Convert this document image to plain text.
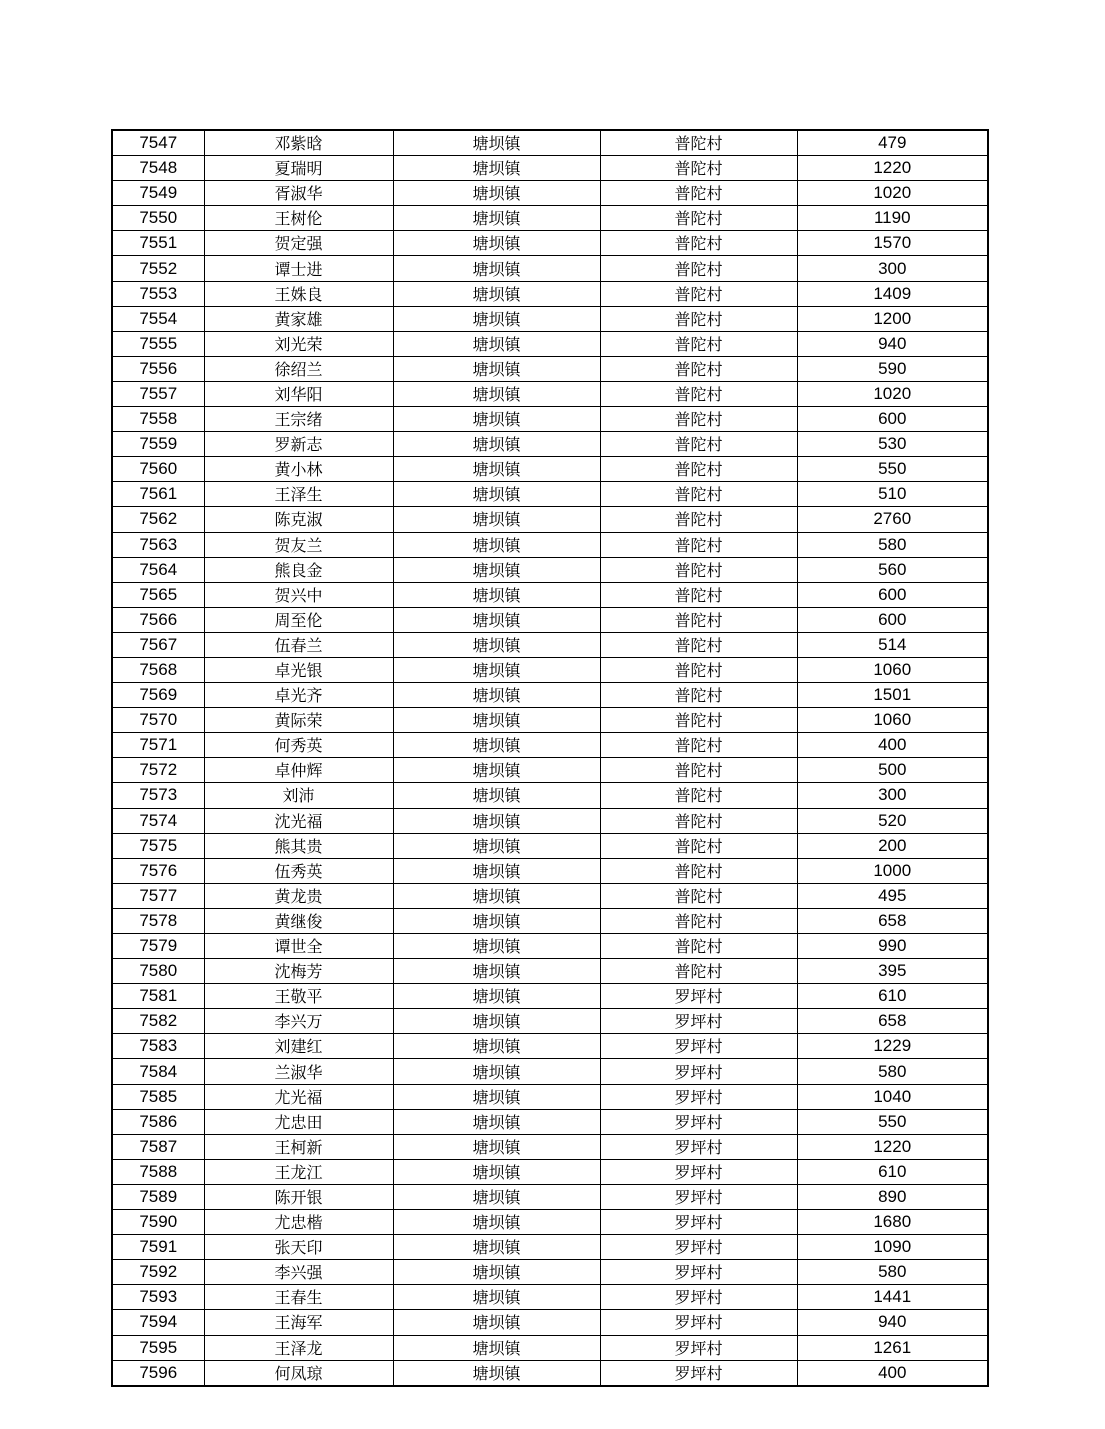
7547	邓紫晗	塘坝镇	普陀村	479
7548	夏瑞明	塘坝镇	普陀村	1220
7549	胥淑华	塘坝镇	普陀村	1020
7550	王树伦	塘坝镇	普陀村	1190
7551	贺定强	塘坝镇	普陀村	1570
7552	谭士进	塘坝镇	普陀村	300
7553	王姝良	塘坝镇	普陀村	1409
7554	黄家雄	塘坝镇	普陀村	1200
7555	刘光荣	塘坝镇	普陀村	940
7556	徐绍兰	塘坝镇	普陀村	590
7557	刘华阳	塘坝镇	普陀村	1020
7558	王宗绪	塘坝镇	普陀村	600
7559	罗新志	塘坝镇	普陀村	530
7560	黄小林	塘坝镇	普陀村	550
7561	王泽生	塘坝镇	普陀村	510
7562	陈克淑	塘坝镇	普陀村	2760
7563	贺友兰	塘坝镇	普陀村	580
7564	熊良金	塘坝镇	普陀村	560
7565	贺兴中	塘坝镇	普陀村	600
7566	周至伦	塘坝镇	普陀村	600
7567	伍春兰	塘坝镇	普陀村	514
7568	卓光银	塘坝镇	普陀村	1060
7569	卓光齐	塘坝镇	普陀村	1501
7570	黄际荣	塘坝镇	普陀村	1060
7571	何秀英	塘坝镇	普陀村	400
7572	卓仲辉	塘坝镇	普陀村	500
7573	刘沛	塘坝镇	普陀村	300
7574	沈光福	塘坝镇	普陀村	520
7575	熊其贵	塘坝镇	普陀村	200
7576	伍秀英	塘坝镇	普陀村	1000
7577	黄龙贵	塘坝镇	普陀村	495
7578	黄继俊	塘坝镇	普陀村	658
7579	谭世全	塘坝镇	普陀村	990
7580	沈梅芳	塘坝镇	普陀村	395
7581	王敬平	塘坝镇	罗坪村	610
7582	李兴万	塘坝镇	罗坪村	658
7583	刘建红	塘坝镇	罗坪村	1229
7584	兰淑华	塘坝镇	罗坪村	580
7585	尤光福	塘坝镇	罗坪村	1040
7586	尤忠田	塘坝镇	罗坪村	550
7587	王柯新	塘坝镇	罗坪村	1220
7588	王龙江	塘坝镇	罗坪村	610
7589	陈开银	塘坝镇	罗坪村	890
7590	尤忠楷	塘坝镇	罗坪村	1680
7591	张天印	塘坝镇	罗坪村	1090
7592	李兴强	塘坝镇	罗坪村	580
7593	王春生	塘坝镇	罗坪村	1441
7594	王海军	塘坝镇	罗坪村	940
7595	王泽龙	塘坝镇	罗坪村	1261
7596	何凤琼	塘坝镇	罗坪村	400
